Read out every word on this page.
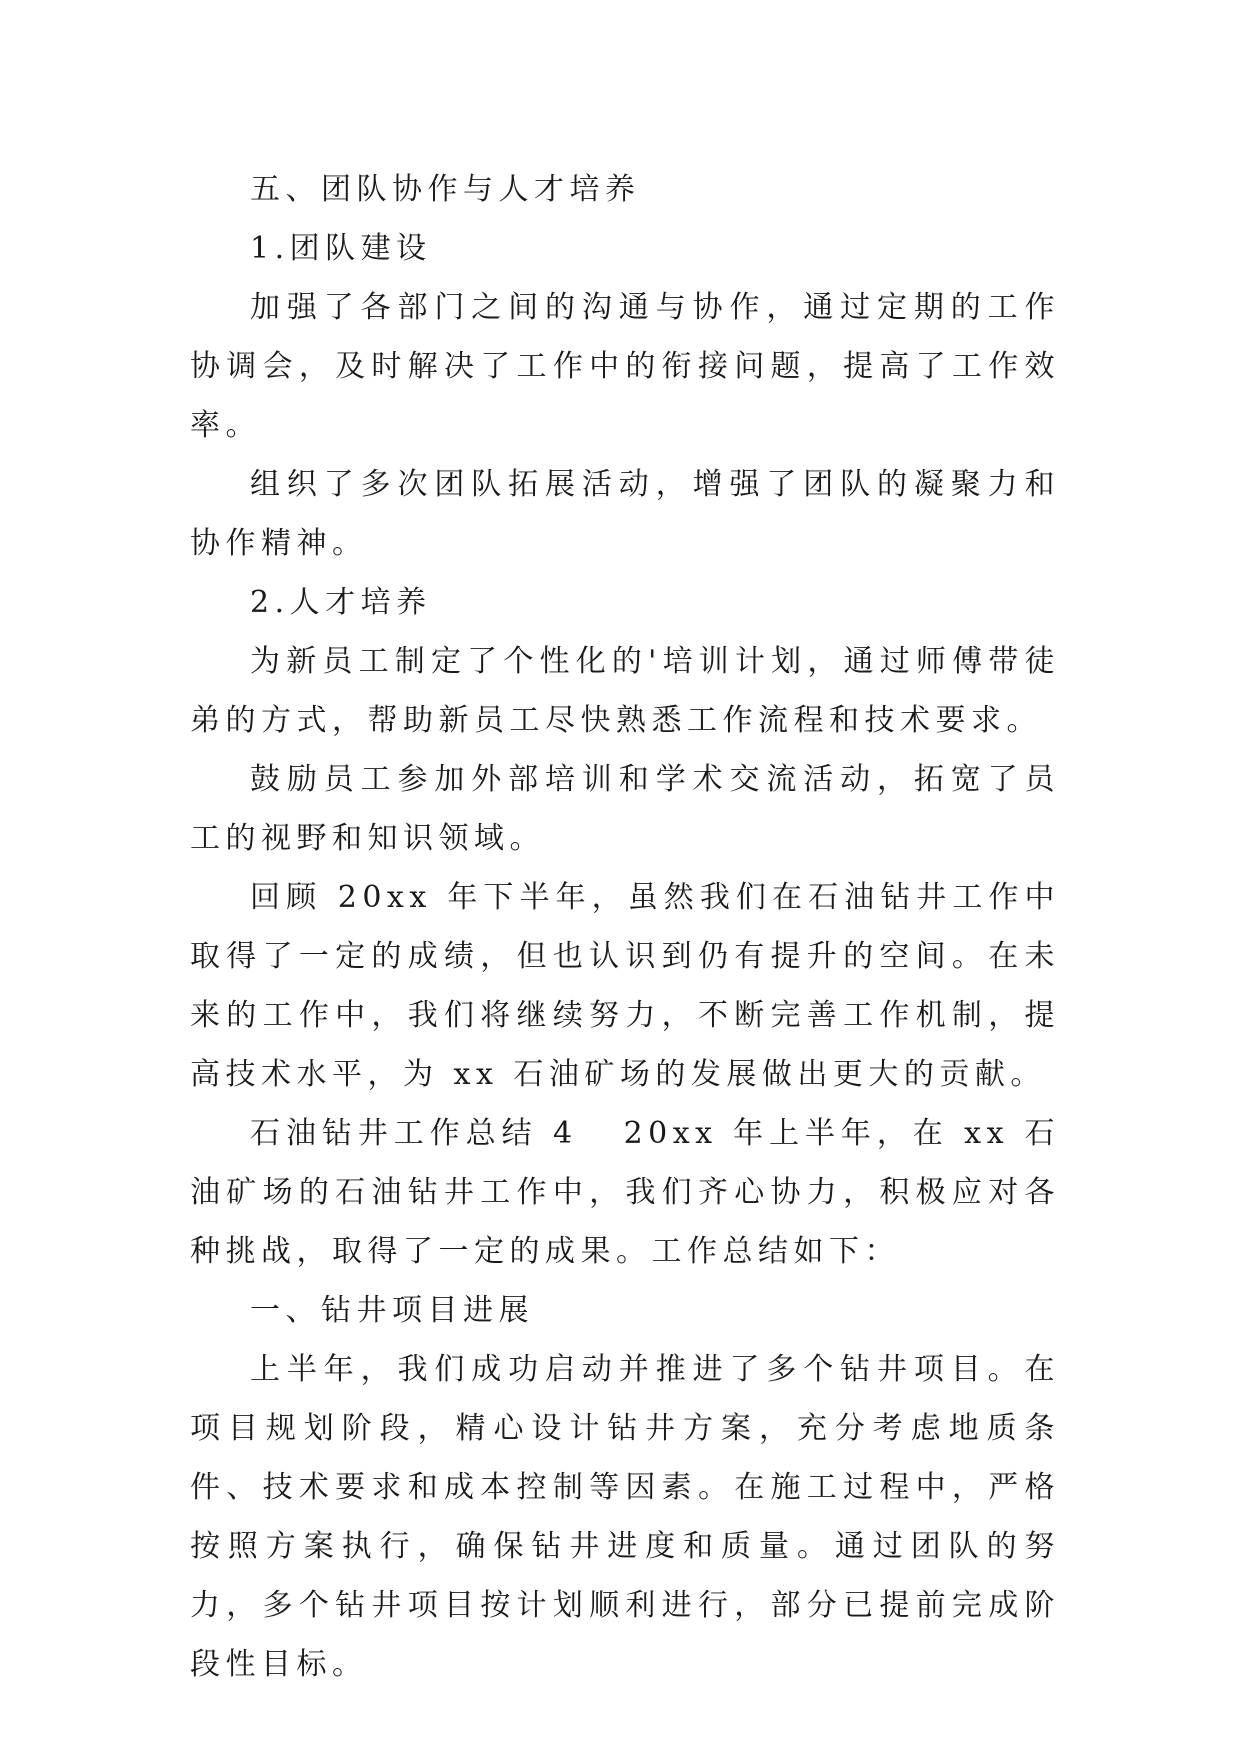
五、团队协作与人才培养

1.团队建设

加强了各部门之间的沟通与协作，通过定期的工作协调会，及时解决了工作中的衔接问题，提高了工作效率。

组织了多次团队拓展活动，增强了团队的凝聚力和协作精神。

2.人才培养

为新员工制定了个性化的'培训计划，通过师傅带徒弟的方式，帮助新员工尽快熟悉工作流程和技术要求。

鼓励员工参加外部培训和学术交流活动，拓宽了员工的视野和知识领域。

回顾 20xx 年下半年，虽然我们在石油钻井工作中取得了一定的成绩，但也认识到仍有提升的空间。在未来的工作中，我们将继续努力，不断完善工作机制，提高技术水平，为 xx 石油矿场的发展做出更大的贡献。

石油钻井工作总结 4 20xx 年上半年，在 xx 石油矿场的石油钻井工作中，我们齐心协力，积极应对各种挑战，取得了一定的成果。工作总结如下：

一、钻井项目进展

上半年，我们成功启动并推进了多个钻井项目。在项目规划阶段，精心设计钻井方案，充分考虑地质条件、技术要求和成本控制等因素。在施工过程中，严格按照方案执行，确保钻井进度和质量。通过团队的努力，多个钻井项目按计划顺利进行，部分已提前完成阶段性目标。
